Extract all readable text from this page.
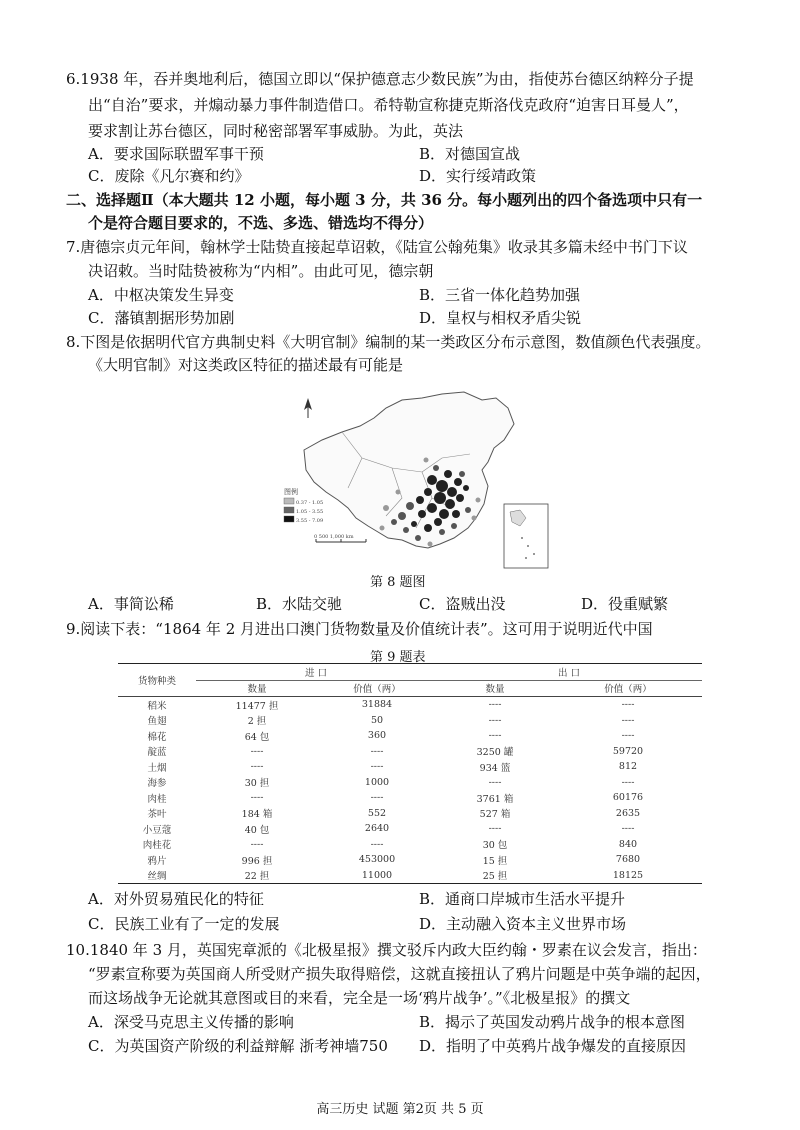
6.1938 年，吞并奥地利后，德国立即以“保护德意志少数民族”为由，指使苏台德区纳粹分子提
出“自治”要求，并煽动暴力事件制造借口。希特勒宣称捷克斯洛伐克政府“迫害日耳曼人”，
要求割让苏台德区，同时秘密部署军事威胁。为此，英法
A．要求国际联盟军事干预	B．对德国宣战
C．废除《凡尔赛和约》	D．实行绥靖政策
二、选择题Ⅱ（本大题共 12 小题，每小题 3 分，共 36 分。每小题列出的四个备选项中只有一
个是符合题目要求的，不选、多选、错选均不得分）
7.唐德宗贞元年间，翰林学士陆贽直接起草诏敕，《陆宣公翰苑集》收录其多篇未经中书门下议
决诏敕。当时陆贽被称为“内相”。由此可见，德宗朝
A．中枢决策发生异变	B．三省一体化趋势加强
C．藩镇割据形势加剧	D．皇权与相权矛盾尖锐
8.下图是依据明代官方典制史料《大明官制》编制的某一类政区分布示意图，数值颜色代表强度。
《大明官制》对这类政区特征的描述最有可能是
图例
0.37 - 1.05
1.05 - 3.55
3.55 - 7.09
0 500 1,000 km
第 8 题图
A．事简讼稀	B．水陆交驰	C．盗贼出没	D．役重赋繁
9.阅读下表：“1864 年 2 月进出口澳门货物数量及价值统计表”。这可用于说明近代中国
第 9 题表
货物种类	进 口		出 口	
	数量	价值（两）	数量	价值（两）
稻米	11477 担	31884	----	----
鱼翅	2 担	50	----	----
棉花	64 包	360	----	----
靛蓝	----	----	3250 罐	59720
土烟	----	----	934 篮	812
海参	30 担	1000	----	----
肉桂	----	----	3761 箱	60176
茶叶	184 箱	552	527 箱	2635
小豆蔻	40 包	2640	----	----
肉桂花	----	----	30 包	840
鸦片	996 担	453000	15 担	7680
丝绸	22 担	11000	25 担	18125
A．对外贸易殖民化的特征	B．通商口岸城市生活水平提升
C．民族工业有了一定的发展	D．主动融入资本主义世界市场
10.1840 年 3 月，英国宪章派的《北极星报》撰文驳斥内政大臣约翰・罗素在议会发言，指出：
“罗素宣称要为英国商人所受财产损失取得赔偿，这就直接扭认了鸦片问题是中英争端的起因，
而这场战争无论就其意图或目的来看，完全是一场‘鸦片战争’。”《北极星报》的撰文
A．深受马克思主义传播的影响	B．揭示了英国发动鸦片战争的根本意图
C．为英国资产阶级的利益辩解 浙考神墙750 D．指明了中英鸦片战争爆发的直接原因
高三历史 试题 第2页 共 5 页
